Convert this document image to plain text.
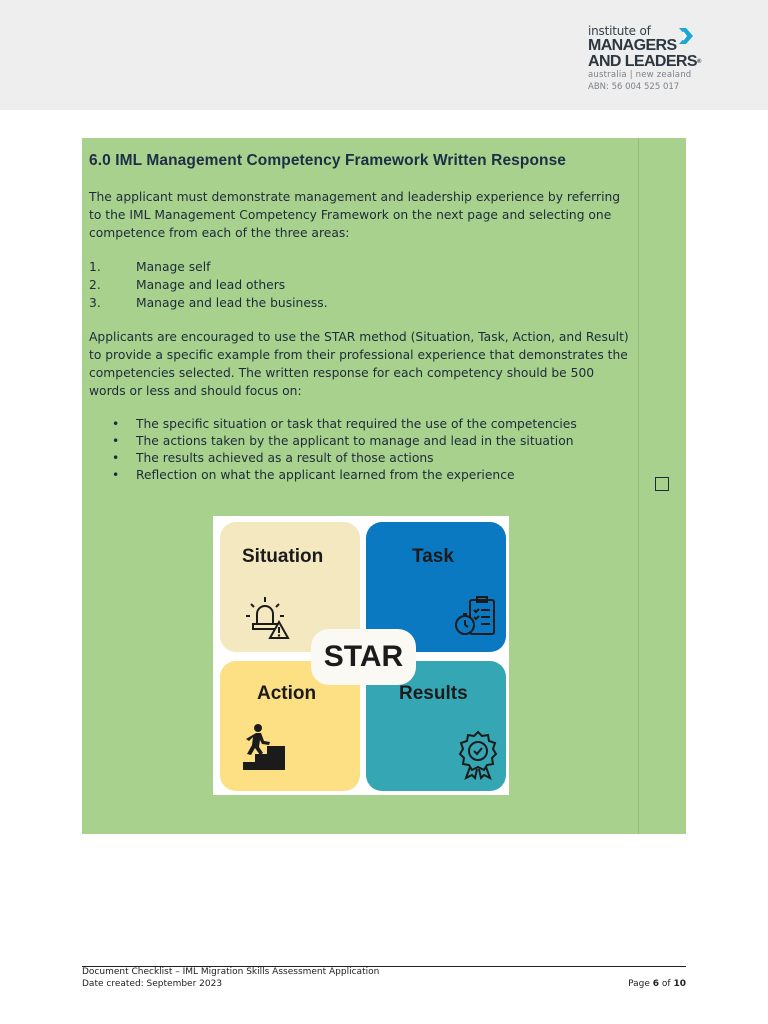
institute of
MANAGERS
AND LEADERS®
australia | new zealand
ABN: 56 004 525 017
6.0 IML Management Competency Framework Written Response

The applicant must demonstrate management and leadership experience by referring to the IML Management Competency Framework on the next page and selecting one competence from each of the three areas:

1.	Manage self
2.	Manage and lead others
3.	Manage and lead the business.

Applicants are encouraged to use the STAR method (Situation, Task, Action, and Result) to provide a specific example from their professional experience that demonstrates the competencies selected. The written response for each competency should be 500 words or less and should focus on:

• The specific situation or task that required the use of the competencies
• The actions taken by the applicant to manage and lead in the situation
• The results achieved as a result of those actions
• Reflection on what the applicant learned from the experience
Situation	Task
Action	Results
STAR
Document Checklist – IML Migration Skills Assessment Application
Date created: September 2023	Page 6 of 10
